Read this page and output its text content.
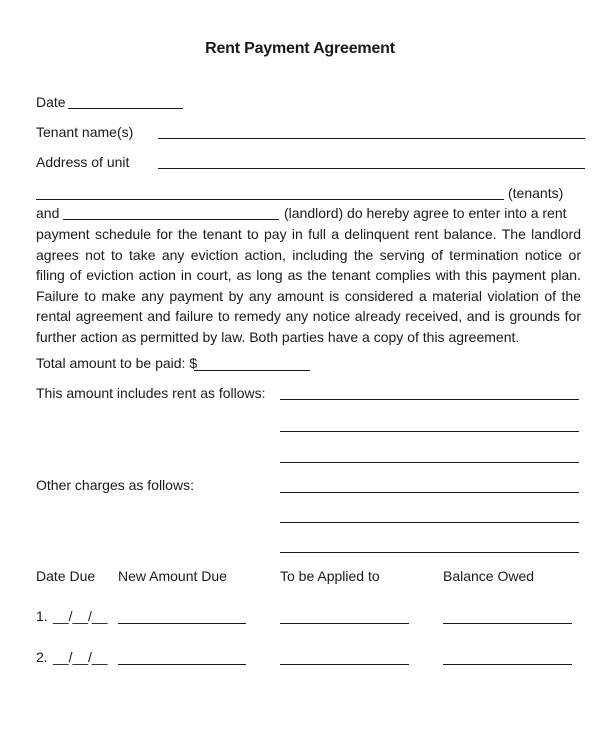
Rent Payment Agreement
Date
Tenant name(s)
Address of unit
(tenants)
and	(landlord) do hereby agree to enter into a rent

payment schedule for the tenant to pay in full a delinquent rent balance. The landlord agrees not to take any eviction action, including the serving of termination notice or filing of eviction action in court, as long as the tenant complies with this payment plan. Failure to make any payment by any amount is considered a material violation of the rental agreement and failure to remedy any notice already received, and is grounds for further action as permitted by law. Both parties have a copy of this agreement.

Total amount to be paid: $
This amount includes rent as follows:
Other charges as follows:
Date Due New Amount Due	To be Applied to	Balance Owed
1. __/__/__
2. __/__/__
